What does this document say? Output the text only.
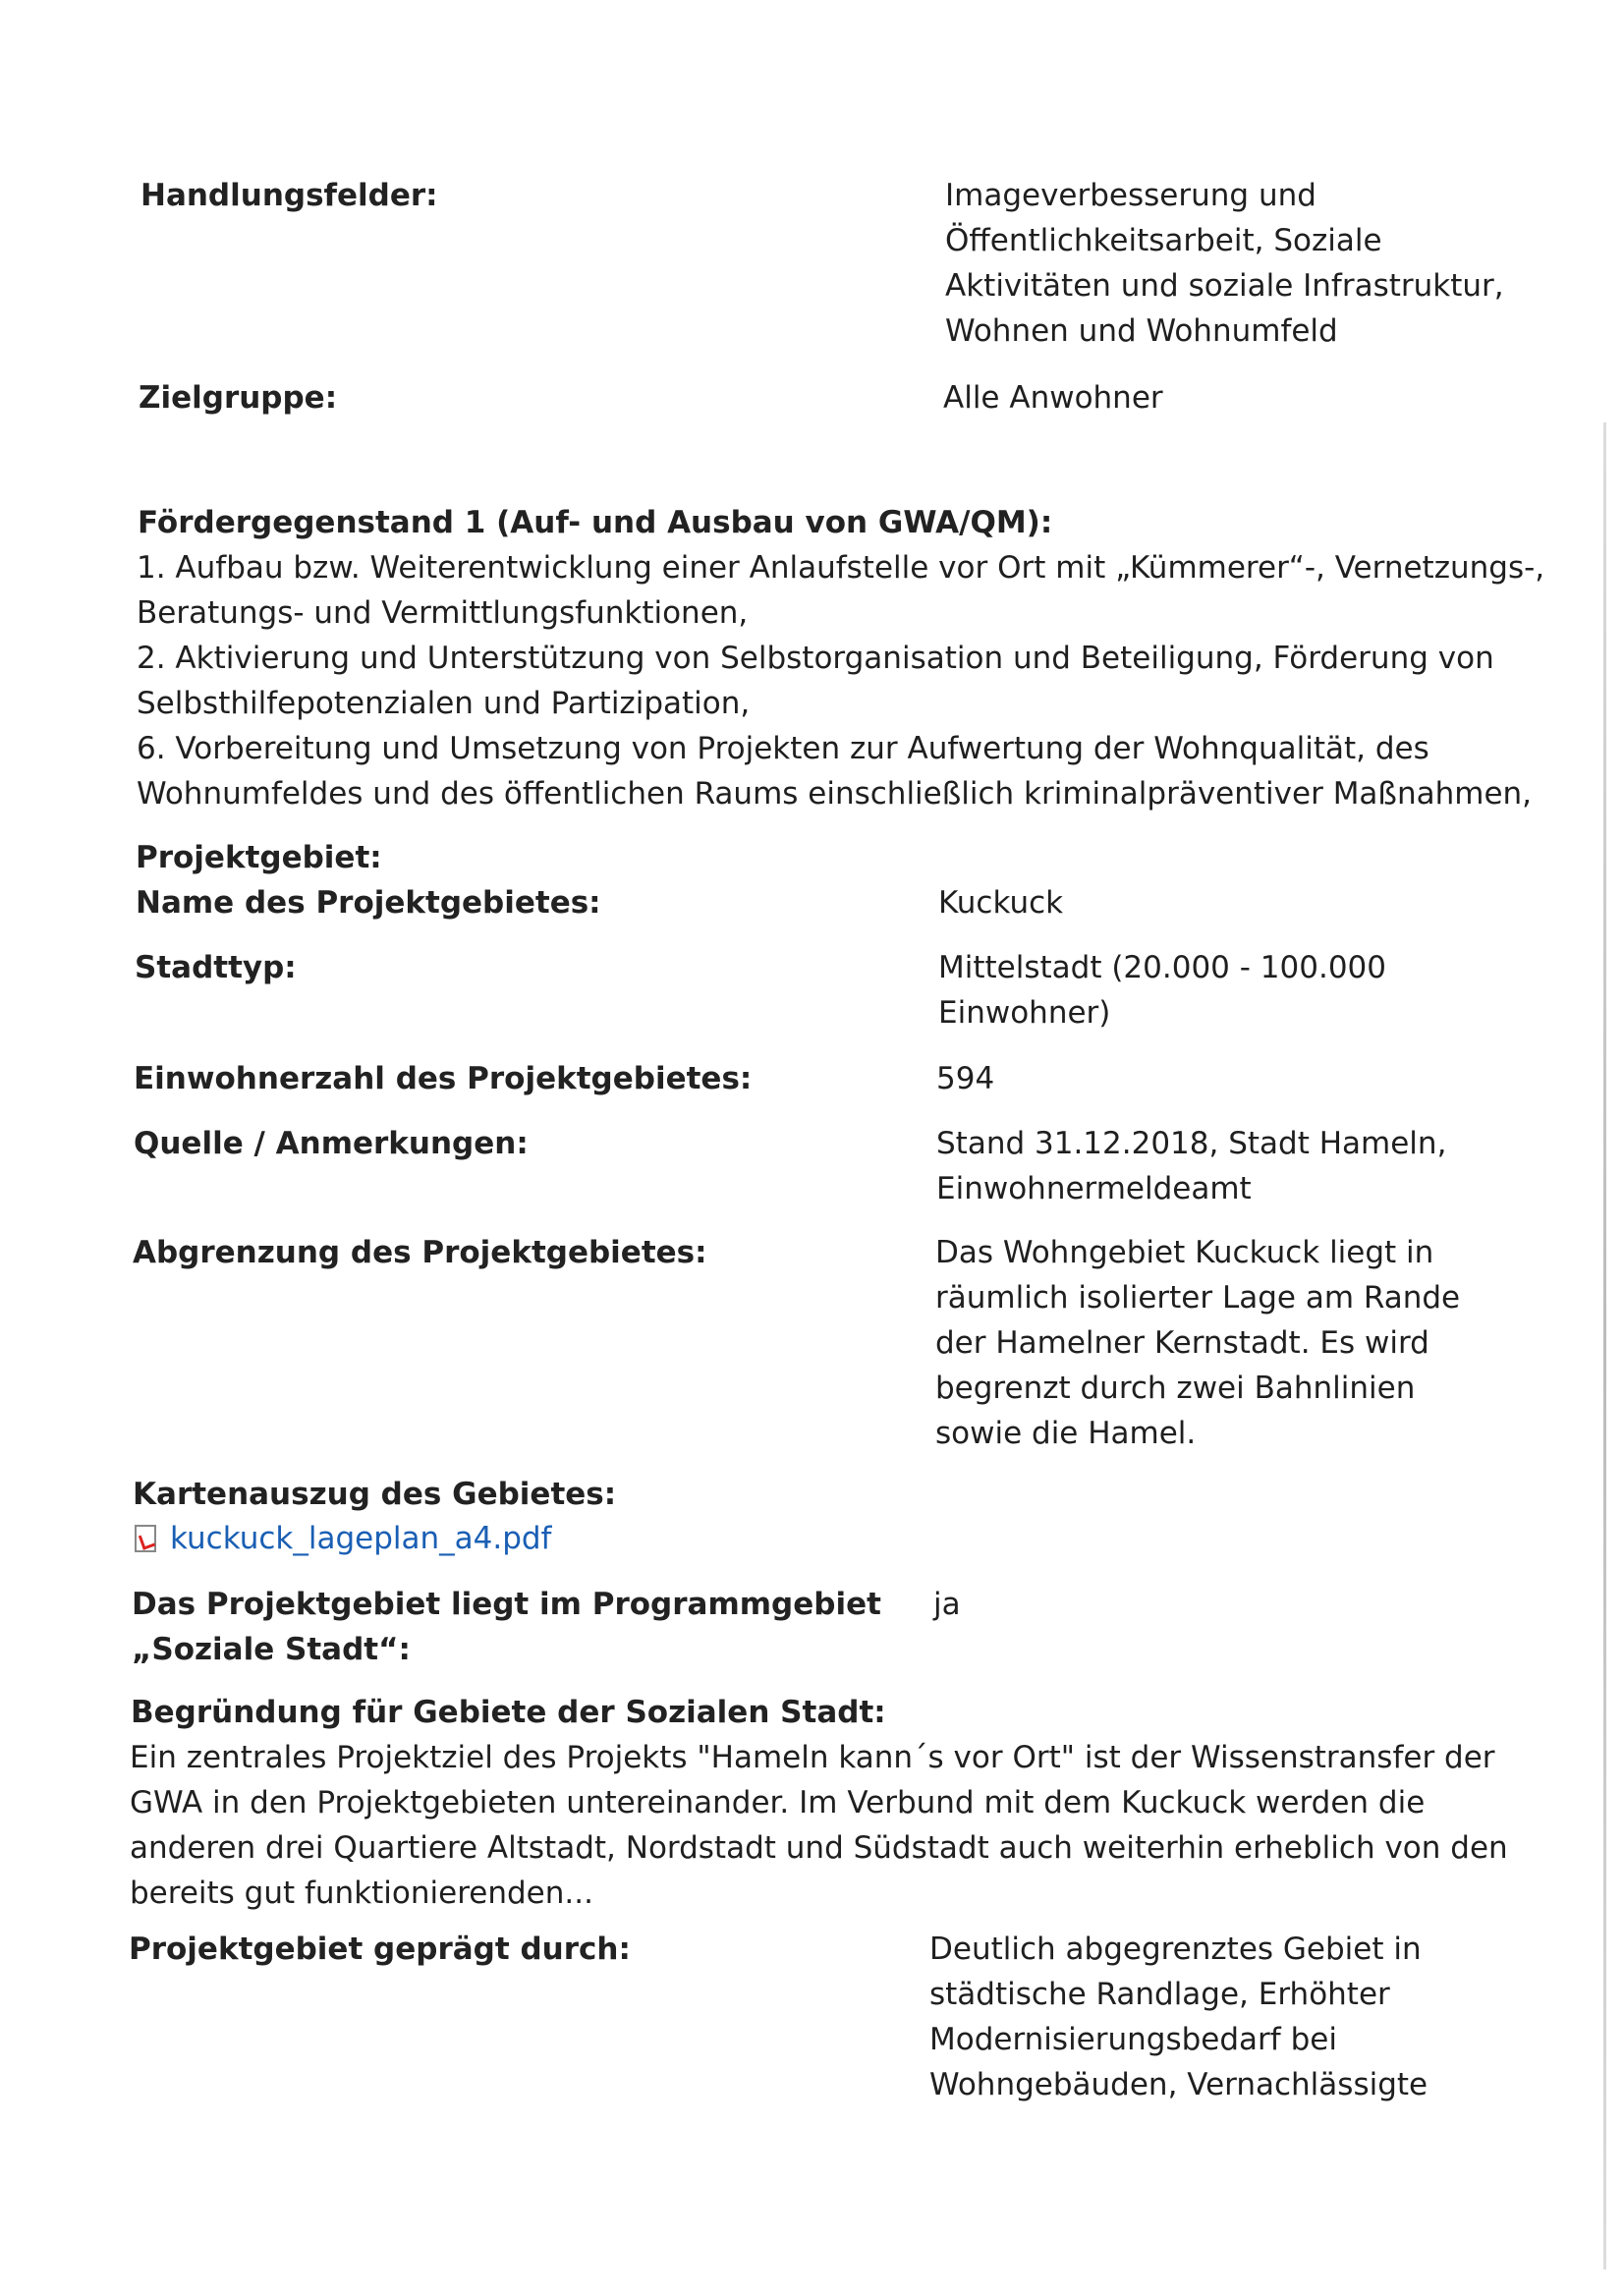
Handlungsfelder:	Imageverbesserung und
Öffentlichkeitsarbeit, Soziale
Aktivitäten und soziale Infrastruktur,
Wohnen und Wohnumfeld
Zielgruppe:	Alle Anwohner
Fördergegenstand 1 (Auf- und Ausbau von GWA/QM):
1. Aufbau bzw. Weiterentwicklung einer Anlaufstelle vor Ort mit „Kümmerer“-, Vernetzungs-,
Beratungs- und Vermittlungsfunktionen,
2. Aktivierung und Unterstützung von Selbstorganisation und Beteiligung, Förderung von
Selbsthilfepotenzialen und Partizipation,
6. Vorbereitung und Umsetzung von Projekten zur Aufwertung der Wohnqualität, des
Wohnumfeldes und des öffentlichen Raums einschließlich kriminalpräventiver Maßnahmen,
Projektgebiet:
Name des Projektgebietes:	Kuckuck
Stadttyp:	Mittelstadt (20.000 - 100.000
Einwohner)
Einwohnerzahl des Projektgebietes:	594
Quelle / Anmerkungen:	Stand 31.12.2018, Stadt Hameln,
Einwohnermeldeamt
Abgrenzung des Projektgebietes:	Das Wohngebiet Kuckuck liegt in
räumlich isolierter Lage am Rande
der Hamelner Kernstadt. Es wird
begrenzt durch zwei Bahnlinien
sowie die Hamel.
Kartenauszug des Gebietes:
kuckuck_lageplan_a4.pdf
Das Projektgebiet liegt im Programmgebiet
„Soziale Stadt“:
ja
Begründung für Gebiete der Sozialen Stadt:
Ein zentrales Projektziel des Projekts "Hameln kann´s vor Ort" ist der Wissenstransfer der
GWA in den Projektgebieten untereinander. Im Verbund mit dem Kuckuck werden die
anderen drei Quartiere Altstadt, Nordstadt und Südstadt auch weiterhin erheblich von den
bereits gut funktionierenden...
Projektgebiet geprägt durch:	Deutlich abgegrenztes Gebiet in
städtische Randlage, Erhöhter
Modernisierungsbedarf bei
Wohngebäuden, Vernachlässigte
